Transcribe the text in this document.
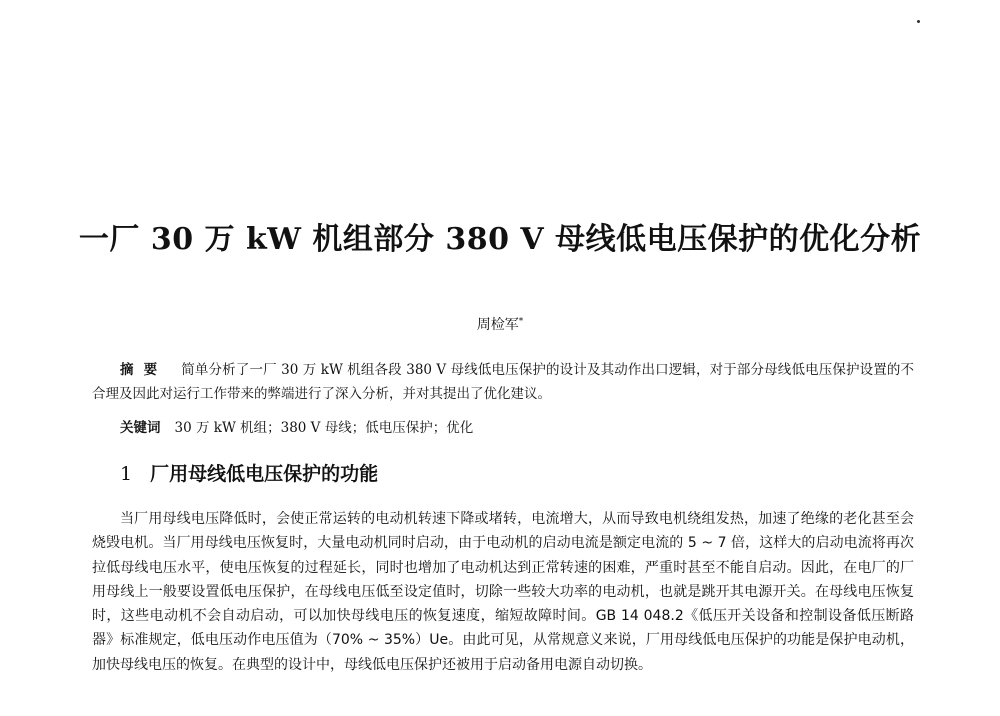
一厂 30 万 kW 机组部分 380 V 母线低电压保护的优化分析
周检军*
摘要 简单分析了一厂 30 万 kW 机组各段 380 V 母线低电压保护的设计及其动作出口逻辑，对于部分母线低电压保护设置的不合理及因此对运行工作带来的弊端进行了深入分析，并对其提出了优化建议。
关键词 30 万 kW 机组；380 V 母线；低电压保护；优化
1 厂用母线低电压保护的功能
当厂用母线电压降低时，会使正常运转的电动机转速下降或堵转，电流增大，从而导致电机绕组发热，加速了绝缘的老化甚至会烧毁电机。当厂用母线电压恢复时，大量电动机同时启动，由于电动机的启动电流是额定电流的 5 ~ 7 倍，这样大的启动电流将再次拉低母线电压水平，使电压恢复的过程延长，同时也增加了电动机达到正常转速的困难，严重时甚至不能自启动。因此，在电厂的厂用母线上一般要设置低电压保护，在母线电压低至设定值时，切除一些较大功率的电动机，也就是跳开其电源开关。在母线电压恢复时，这些电动机不会自动启动，可以加快母线电压的恢复速度，缩短故障时间。GB 14 048.2《低压开关设备和控制设备低压断路器》标准规定，低电压动作电压值为（70% ~ 35%）Ue。由此可见，从常规意义来说，厂用母线低电压保护的功能是保护电动机，加快母线电压的恢复。在典型的设计中，母线低电压保护还被用于启动备用电源自动切换。
